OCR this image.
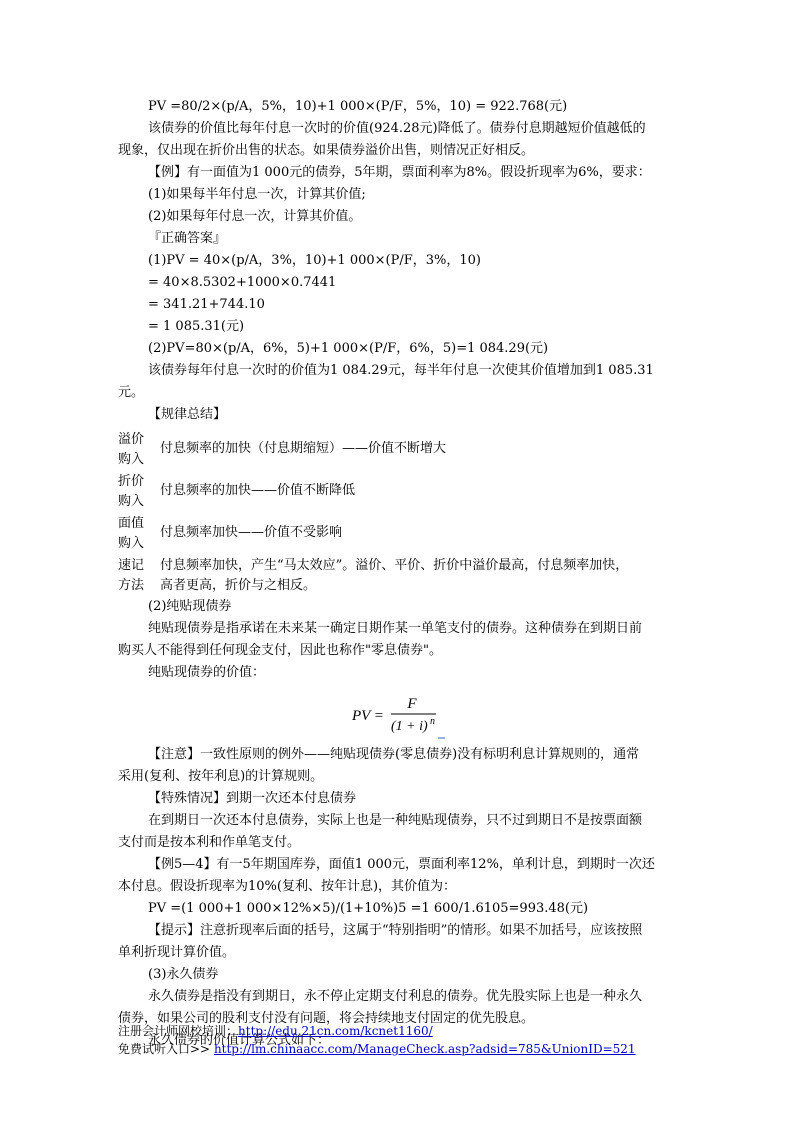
PV =80/2×(p/A，5%，10)+1 000×(P/F，5%，10) = 922.768(元)

该债券的价值比每年付息一次时的价值(924.28元)降低了。债券付息期越短价值越低的

现象，仅出现在折价出售的状态。如果债券溢价出售，则情况正好相反。

【例】有一面值为1 000元的债券，5年期，票面利率为8%。假设折现率为6%，要求：

(1)如果每半年付息一次，计算其价值;

(2)如果每年付息一次，计算其价值。

『正确答案』

(1)PV = 40×(p/A，3%，10)+1 000×(P/F，3%，10)

= 40×8.5302+1000×0.7441

= 341.21+744.10

= 1 085.31(元)

(2)PV=80×(p/A，6%，5)+1 000×(P/F，6%，5)=1 084.29(元)

该债券每年付息一次时的价值为1 084.29元，每半年付息一次使其价值增加到1 085.31

元。

【规律总结】

溢价
购入
付息频率的加快（付息期缩短）——价值不断增大
折价
购入
付息频率的加快——价值不断降低
面值
购入
付息频率加快——价值不受影响
速记
方法
付息频率加快，产生“马太效应”。溢价、平价、折价中溢价最高，付息频率加快，
高者更高，折价与之相反。

(2)纯贴现债券

纯贴现债券是指承诺在未来某一确定日期作某一单笔支付的债券。这种债券在到期日前

购买人不能得到任何现金支付，因此也称作"零息债券"。

纯贴现债券的价值：

PV =
F
(1 + i) n

【注意】一致性原则的例外——纯贴现债券(零息债券)没有标明利息计算规则的，通常

采用(复利、按年利息)的计算规则。

【特殊情况】到期一次还本付息债券

在到期日一次还本付息债券，实际上也是一种纯贴现债券，只不过到期日不是按票面额

支付而是按本利和作单笔支付。

【例5—4】有一5年期国库券，面值1 000元，票面利率12%，单利计息，到期时一次还

本付息。假设折现率为10%(复利、按年计息)，其价值为：

PV =(1 000+1 000×12%×5)/(1+10%)5 =1 600/1.6105=993.48(元)

【提示】注意折现率后面的括号，这属于“特别指明”的情形。如果不加括号，应该按照

单利折现计算价值。

(3)永久债券

永久债券是指没有到期日，永不停止定期支付利息的债券。优先股实际上也是一种永久

债券，如果公司的股利支付没有问题，将会持续地支付固定的优先股息。

永久债券的价值计算公式如下：

注册会计师网校培训：http://edu.21cn.com/kcnet1160/
免费试听入口>> http://lm.chinaacc.com/ManageCheck.asp?adsid=785&UnionID=521
